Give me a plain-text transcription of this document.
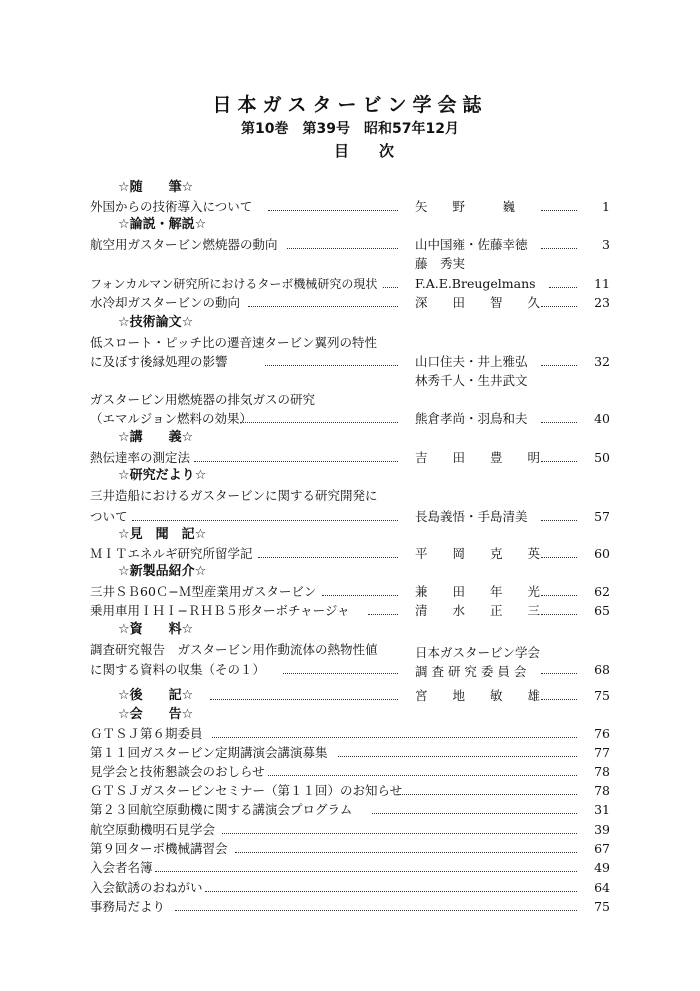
日本ガスタービン学会誌
第10巻　第39号　昭和57年12月
目　　次
☆随　　筆☆
外国からの技術導入について	矢　　野　　　巍	1
☆論説・解説☆
航空用ガスタービン燃焼器の動向	山中国雍・佐藤幸徳	3
藤　秀実
フォンカルマン研究所におけるターボ機械研究の現状	F.A.E.Breugelmans	11
水冷却ガスタービンの動向	深　　田　　智　　久	23
☆技術論文☆
低スロート・ピッチ比の遷音速タービン翼列の特性
に及ぼす後縁処理の影響	山口住夫・井上雅弘	32
林秀千人・生井武文
ガスタービン用燃焼器の排気ガスの研究
（エマルジョン燃料の効果）	熊倉孝尚・羽鳥和夫	40
☆講　　義☆
熱伝達率の測定法	吉　　田　　豊　　明	50
☆研究だより☆
三井造船におけるガスタービンに関する研究開発に
ついて	長島義悟・手島清美	57
☆見　聞　記☆
ＭＩＴエネルギ研究所留学記	平　　岡　　克　　英	60
☆新製品紹介☆
三井ＳＢ60Ｃ−Ｍ型産業用ガスタービン	兼　　田　　年　　光	62
乗用車用ＩＨＩ−ＲＨＢ５形ターボチャージャ	清　　水　　正　　三	65
☆資　　料☆
調査研究報告　ガスタービン用作動流体の熱物性値	日本ガスタービン学会
に関する資料の収集（その１）	調 査 研 究 委 員 会	68
☆後　　記☆	宮　　地　　敏　　雄	75
☆会　　告☆
ＧＴＳＪ第６期委員	76
第１１回ガスタービン定期講演会講演募集	77
見学会と技術懇談会のおしらせ	78
ＧＴＳＪガスタービンセミナー（第１１回）のお知らせ	78
第２３回航空原動機に関する講演会プログラム	31
航空原動機明石見学会	39
第９回ターボ機械講習会	67
入会者名簿	49
入会歓誘のおねがい	64
事務局だより	75
